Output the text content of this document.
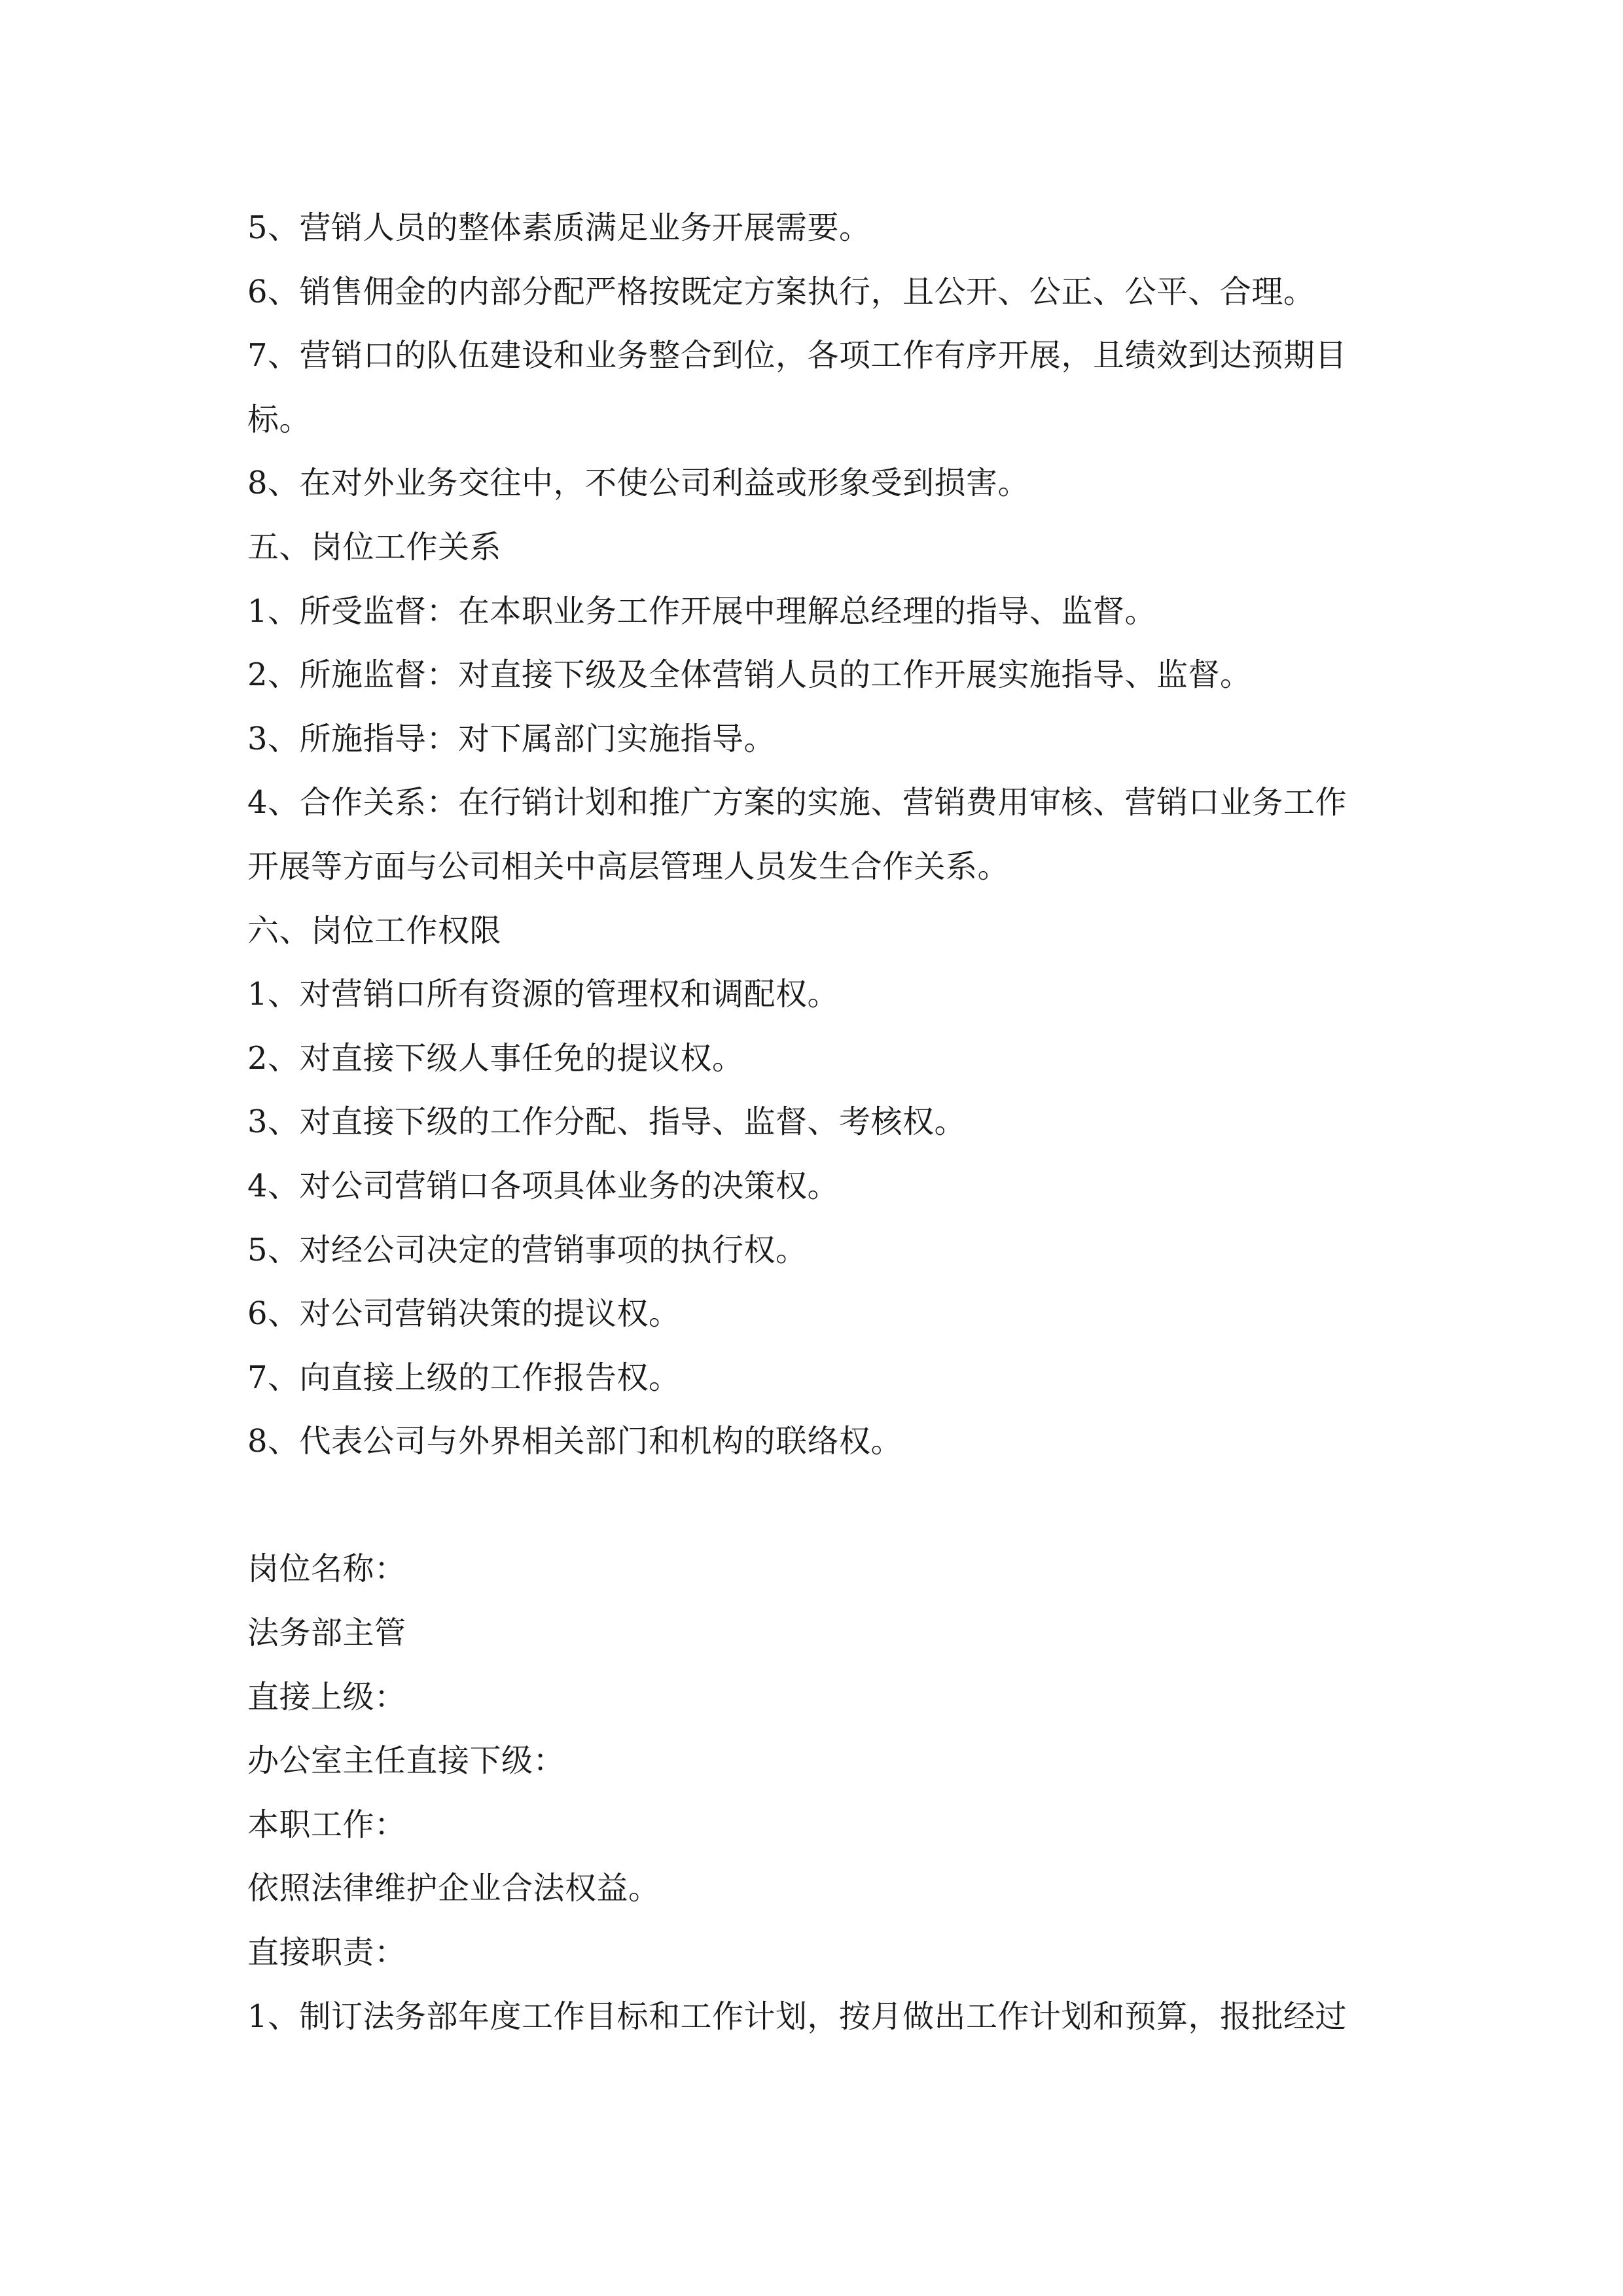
5、营销人员的整体素质满足业务开展需要。
6、销售佣金的内部分配严格按既定方案执行，且公开、公正、公平、合理。
7、营销口的队伍建设和业务整合到位，各项工作有序开展，且绩效到达预期目
标。
8、在对外业务交往中，不使公司利益或形象受到损害。
五、岗位工作关系
1、所受监督：在本职业务工作开展中理解总经理的指导、监督。
2、所施监督：对直接下级及全体营销人员的工作开展实施指导、监督。
3、所施指导：对下属部门实施指导。
4、合作关系：在行销计划和推广方案的实施、营销费用审核、营销口业务工作
开展等方面与公司相关中高层管理人员发生合作关系。
六、岗位工作权限
1、对营销口所有资源的管理权和调配权。
2、对直接下级人事任免的提议权。
3、对直接下级的工作分配、指导、监督、考核权。
4、对公司营销口各项具体业务的决策权。
5、对经公司决定的营销事项的执行权。
6、对公司营销决策的提议权。
7、向直接上级的工作报告权。
8、代表公司与外界相关部门和机构的联络权。
岗位名称：
法务部主管
直接上级：
办公室主任直接下级：
本职工作：
依照法律维护企业合法权益。
直接职责：
1、制订法务部年度工作目标和工作计划，按月做出工作计划和预算，报批经过
